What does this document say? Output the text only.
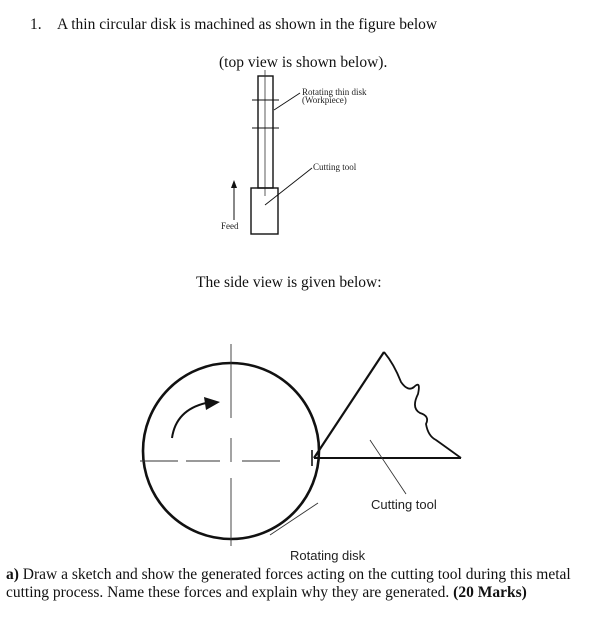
1. A thin circular disk is machined as shown in the figure below
(top view is shown below).
Rotating thin disk
(Workpiece)
Cutting tool
Feed
Cutting tool
Rotating disk
The side view is given below:
a) Draw a sketch and show the generated forces acting on the cutting tool during this metal cutting process. Name these forces and explain why they are generated. (20 Marks)
